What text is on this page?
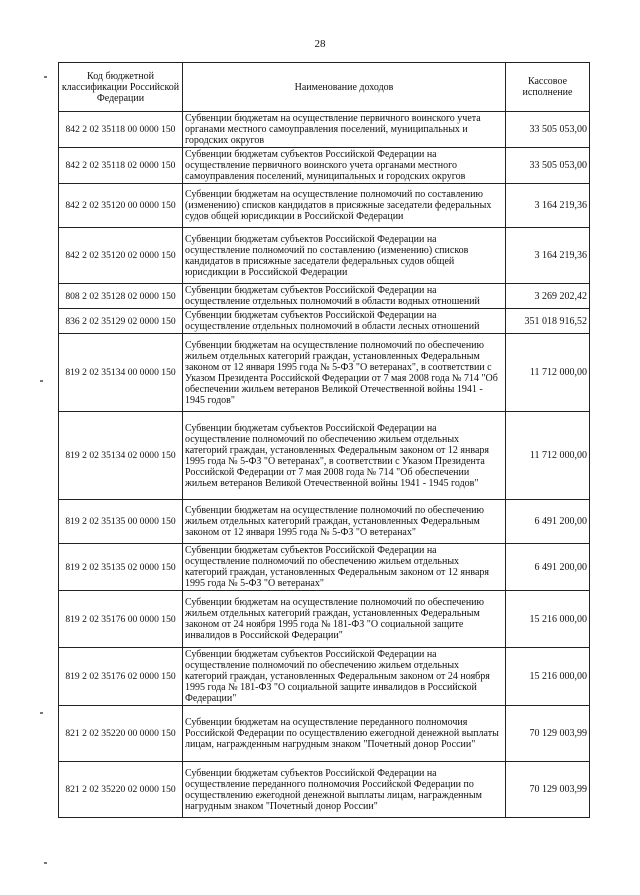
28
Код бюджетной классификации Российской Федерации	Наименование доходов	Кассовое исполнение
842 2 02 35118 00 0000 150	Субвенции бюджетам на осуществление первичного воинского учета органами местного самоуправления поселений, муниципальных и городских округов	33 505 053,00
842 2 02 35118 02 0000 150	Субвенции бюджетам субъектов Российской Федерации на осуществление первичного воинского учета органами местного самоуправления поселений, муниципальных и городских округов	33 505 053,00
842 2 02 35120 00 0000 150	Субвенции бюджетам на осуществление полномочий по составлению (изменению) списков кандидатов в присяжные заседатели федеральных судов общей юрисдикции в Российской Федерации	3 164 219,36
842 2 02 35120 02 0000 150	Субвенции бюджетам субъектов Российской Федерации на осуществление полномочий по составлению (изменению) списков кандидатов в присяжные заседатели федеральных судов общей юрисдикции в Российской Федерации	3 164 219,36
808 2 02 35128 02 0000 150	Субвенции бюджетам субъектов Российской Федерации на осуществление отдельных полномочий в области водных отношений	3 269 202,42
836 2 02 35129 02 0000 150	Субвенции бюджетам субъектов Российской Федерации на осуществление отдельных полномочий в области лесных отношений	351 018 916,52
819 2 02 35134 00 0000 150	Субвенции бюджетам на осуществление полномочий по обеспечению жильем отдельных категорий граждан, установленных Федеральным законом от 12 января 1995 года № 5-ФЗ "О ветеранах", в соответствии с Указом Президента Российской Федерации от 7 мая 2008 года № 714 "Об обеспечении жильем ветеранов Великой Отечественной войны 1941 - 1945 годов"	11 712 000,00
819 2 02 35134 02 0000 150	Субвенции бюджетам субъектов Российской Федерации на осуществление полномочий по обеспечению жильем отдельных категорий граждан, установленных Федеральным законом от 12 января 1995 года № 5-ФЗ "О ветеранах", в соответствии с Указом Президента Российской Федерации от 7 мая 2008 года № 714 "Об обеспечении жильем ветеранов Великой Отечественной войны 1941 - 1945 годов"	11 712 000,00
819 2 02 35135 00 0000 150	Субвенции бюджетам на осуществление полномочий по обеспечению жильем отдельных категорий граждан, установленных Федеральным законом от 12 января 1995 года № 5-ФЗ "О ветеранах"	6 491 200,00
819 2 02 35135 02 0000 150	Субвенции бюджетам субъектов Российской Федерации на осуществление полномочий по обеспечению жильем отдельных категорий граждан, установленных Федеральным законом от 12 января 1995 года № 5-ФЗ "О ветеранах"	6 491 200,00
819 2 02 35176 00 0000 150	Субвенции бюджетам на осуществление полномочий по обеспечению жильем отдельных категорий граждан, установленных Федеральным законом от 24 ноября 1995 года № 181-ФЗ "О социальной защите инвалидов в Российской Федерации"	15 216 000,00
819 2 02 35176 02 0000 150	Субвенции бюджетам субъектов Российской Федерации на осуществление полномочий по обеспечению жильем отдельных категорий граждан, установленных Федеральным законом от 24 ноября 1995 года № 181-ФЗ "О социальной защите инвалидов в Российской Федерации"	15 216 000,00
821 2 02 35220 00 0000 150	Субвенции бюджетам на осуществление переданного полномочия Российской Федерации по осуществлению ежегодной денежной выплаты лицам, награжденным нагрудным знаком "Почетный донор России"	70 129 003,99
821 2 02 35220 02 0000 150	Субвенции бюджетам субъектов Российской Федерации на осуществление переданного полномочия Российской Федерации по осуществлению ежегодной денежной выплаты лицам, награжденным нагрудным знаком "Почетный донор России"	70 129 003,99
